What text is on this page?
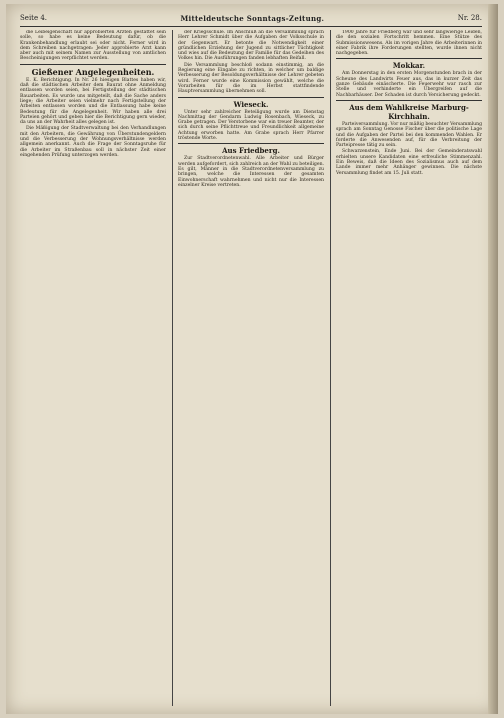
Seite 4.	Mitteldeutsche Sonntags-Zeitung.	Nr. 28.

die Leibeigenschaft nur approbierten Ärzten gestattet sein solle, so habe es keine Bedeutung dafür, ob die Krankenbehandlung erlaubt sei oder nicht. Ferner wird in dem Schreiben nachgetragen: Jeder approbierte Arzt kann aber auch mit seinem Namen zur Ausstellung von amtlichen Bescheinigungen verpflichtet werden.

Gießener Angelegenheiten.

E. K. Berichtigung. In Nr. 26 hiesigen Blattes haben wir, daß die städtischen Arbeiter dem Baurat ohne Anmeldung entlassen worden seien, bei Fertigstellung der städtischen Bauarbeiten. Es wurde uns mitgeteilt, daß die Sache anders liege; die Arbeiter seien vielmehr nach Fertigstellung der Arbeiten entlassen worden und die Entlassung habe keine Bedeutung für die Angelegenheit. Wir haben alle drei Parteien gehört und geben hier die Berichtigung gern wieder, da uns an der Wahrheit alles gelegen ist.

Die Mäßigung der Stadtverwaltung bei den Verhandlungen mit den Arbeitern, die Gewährung von Überstundengeldern und die Verbesserung der Wohnungsverhältnisse werden allgemein anerkannt. Auch die Frage der Sonntagsruhe für die Arbeiter im Straßenbau soll in nächster Zeit einer eingehenden Prüfung unterzogen werden.

der Kriegsschule. Im Anschluß an die Versammlung sprach Herr Lehrer Schmidt über die Aufgaben der Volksschule in der Gegenwart. Er betonte die Notwendigkeit einer gründlichen Erziehung der Jugend zu sittlicher Tüchtigkeit und wies auf die Bedeutung der Familie für das Gedeihen des Volkes hin. Die Ausführungen fanden lebhaften Beifall.

Die Versammlung beschloß sodann einstimmig, an die Regierung eine Eingabe zu richten, in welcher um baldige Verbesserung der Besoldungsverhältnisse der Lehrer gebeten wird. Ferner wurde eine Kommission gewählt, welche die Vorarbeiten für die im Herbst stattfindende Hauptversammlung übernehmen soll.

Wieseck.

Unter sehr zahlreicher Beteiligung wurde am Dienstag Nachmittag der Gendarm Ludwig Rosenbach, Wieseck, zu Grabe getragen. Der Verstorbene war ein treuer Beamter, der sich durch seine Pflichttreue und Freundlichkeit allgemeine Achtung erworben hatte. Am Grabe sprach Herr Pfarrer tröstende Worte.

Aus Friedberg.

Zur Stadtverordnetenwahl. Alle Arbeiter und Bürger werden aufgefordert, sich zahlreich an der Wahl zu beteiligen. Es gilt, Männer in die Stadtverordnetenversammlung zu bringen, welche die Interessen der gesamten Einwohnerschaft wahrnehmen und nicht nur die Interessen einzelner Kreise vertreten.

1900 Jahre für Friedberg war und sehr langwierige Leiden, die den sozialen Fortschritt hemmen. Eine Stütze des Submissionswesens. Als im vorigen Jahre die Arbeiterinnen in einer Fabrik ihre Forderungen stellten, wurde ihnen nicht nachgegeben.

Mokkar.

Am Donnerstag in den ersten Morgenstunden brach in der Scheune des Landwirts Feuer aus, das in kurzer Zeit das ganze Gebäude einäscherte. Die Feuerwehr war rasch zur Stelle und verhinderte ein Übergreifen auf die Nachbarhäuser. Der Schaden ist durch Versicherung gedeckt.

Aus dem Wahlkreise Marburg-Kirchhain.

Parteiversammlung. Vor nur mäßig besuchter Versammlung sprach am Sonntag Genosse Fischer über die politische Lage und die Aufgaben der Partei bei den kommenden Wahlen. Er forderte die Anwesenden auf, für die Verbreitung der Parteipresse tätig zu sein.

Schwarzenstein, Ende Juni. Bei der Gemeinderatswahl erhielten unsere Kandidaten eine erfreuliche Stimmenzahl. Ein Beweis, daß die Ideen des Sozialismus auch auf dem Lande immer mehr Anhänger gewinnen. Die nächste Versammlung findet am 15. Juli statt.
